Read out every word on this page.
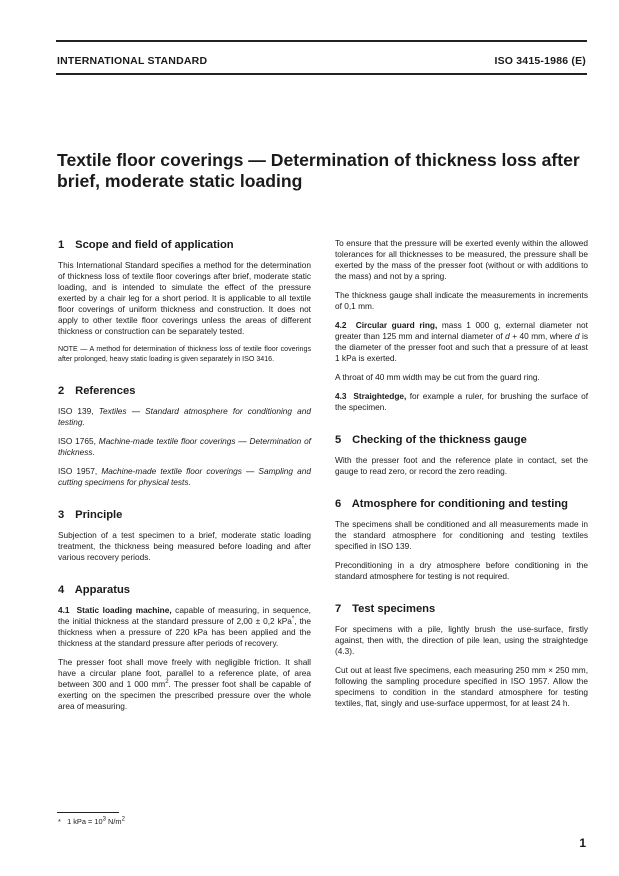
INTERNATIONAL STANDARD	ISO 3415-1986 (E)
Textile floor coverings — Determination of thickness loss after brief, moderate static loading
1 Scope and field of application

This International Standard specifies a method for the determination of thickness loss of textile floor coverings after brief, moderate static loading, and is intended to simulate the effect of the pressure exerted by a chair leg for a short period. It is applicable to all textile floor coverings of uniform thickness and construction. It does not apply to other textile floor coverings unless the areas of different thickness or construction can be separately tested.

NOTE — A method for determination of thickness loss of textile floor coverings after prolonged, heavy static loading is given separately in ISO 3416.

2 References

ISO 139, Textiles — Standard atmosphere for conditioning and testing.

ISO 1765, Machine-made textile floor coverings — Determination of thickness.

ISO 1957, Machine-made textile floor coverings — Sampling and cutting specimens for physical tests.

3 Principle

Subjection of a test specimen to a brief, moderate static loading treatment, the thickness being measured before loading and after various recovery periods.

4 Apparatus

4.1 Static loading machine, capable of measuring, in sequence, the initial thickness at the standard pressure of 2,00 ± 0,2 kPa*, the thickness when a pressure of 220 kPa has been applied and the thickness at the standard pressure after periods of recovery.

The presser foot shall move freely with negligible friction. It shall have a circular plane foot, parallel to a reference plate, of area between 300 and 1 000 $mm^2$. The presser foot shall be capable of exerting on the specimen the prescribed pressure over the whole area of measuring.

To ensure that the pressure will be exerted evenly within the allowed tolerances for all thicknesses to be measured, the pressure shall be exerted by the mass of the presser foot (without or with additions to the mass) and not by a spring.

The thickness gauge shall indicate the measurements in increments of 0,1 mm.

4.2 Circular guard ring, mass 1 000 g, external diameter not greater than 125 mm and internal diameter of d + 40 mm, where d is the diameter of the presser foot and such that a pressure of at least 1 kPa is exerted.

A throat of 40 mm width may be cut from the guard ring.

4.3 Straightedge, for example a ruler, for brushing the surface of the specimen.

5 Checking of the thickness gauge

With the presser foot and the reference plate in contact, set the gauge to read zero, or record the zero reading.

6 Atmosphere for conditioning and testing

The specimens shall be conditioned and all measurements made in the standard atmosphere for conditioning and testing textiles specified in ISO 139.

Preconditioning in a dry atmosphere before conditioning in the standard atmosphere for testing is not required.

7 Test specimens

For specimens with a pile, lightly brush the use-surface, firstly against, then with, the direction of pile lean, using the straightedge (4.3).

Cut out at least five specimens, each measuring 250 mm × 250 mm, following the sampling procedure specified in ISO 1957. Allow the specimens to condition in the standard atmosphere for testing textiles, flat, singly and use-surface uppermost, for at least 24 h.

* 1 kPa = $10^3$ $N/m^2$
1
